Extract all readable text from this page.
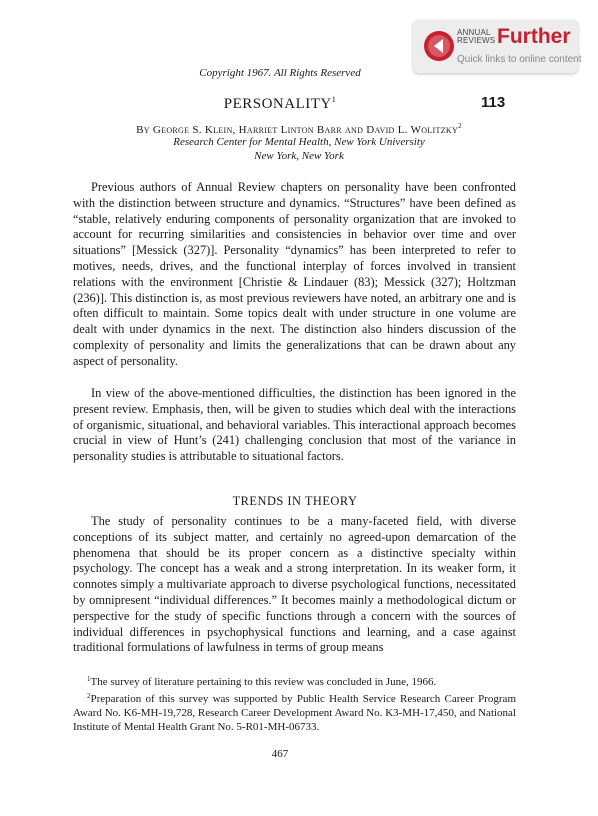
ANNUAL
REVIEWS Further
Quick links to online content
Copyright 1967. All Rights Reserved
PERSONALITY$^1$	113
By George S. Klein, Harriet Linton Barr and David L. Wolitzky$^2$
Research Center for Mental Health, New York University
New York, New York

Previous authors of Annual Review chapters on personality have been confronted with the distinction between structure and dynamics. “Structures” have been defined as “stable, relatively enduring components of personality organization that are invoked to account for recurring similarities and consistencies in behavior over time and over situations” [Messick (327)]. Personality “dynamics” has been interpreted to refer to motives, needs, drives, and the functional interplay of forces involved in transient relations with the environment [Christie & Lindauer (83); Messick (327); Holtzman (236)]. This distinction is, as most previous reviewers have noted, an arbitrary one and is often difficult to maintain. Some topics dealt with under structure in one volume are dealt with under dynamics in the next. The distinction also hinders discussion of the complexity of personality and limits the generalizations that can be drawn about any aspect of personality.

In view of the above-mentioned difficulties, the distinction has been ignored in the present review. Emphasis, then, will be given to studies which deal with the interactions of organismic, situational, and behavioral variables. This interactional approach becomes crucial in view of Hunt’s (241) challenging conclusion that most of the variance in personality studies is attributable to situational factors.

TRENDS IN THEORY

The study of personality continues to be a many-faceted field, with diverse conceptions of its subject matter, and certainly no agreed-upon demarcation of the phenomena that should be its proper concern as a distinctive specialty within psychology. The concept has a weak and a strong interpretation. In its weaker form, it connotes simply a multivariate approach to diverse psychological functions, necessitated by omnipresent “individual differences.” It becomes mainly a methodological dictum or perspective for the study of specific functions through a concern with the sources of individual differences in psychophysical functions and learning, and a case against traditional formulations of lawfulness in terms of group means

$^1$The survey of literature pertaining to this review was concluded in June, 1966.

$^2$Preparation of this survey was supported by Public Health Service Research Career Program Award No. K6-MH-19,728, Research Career Development Award No. K3-MH-17,450, and National Institute of Mental Health Grant No. 5-R01-MH-06733.

467
